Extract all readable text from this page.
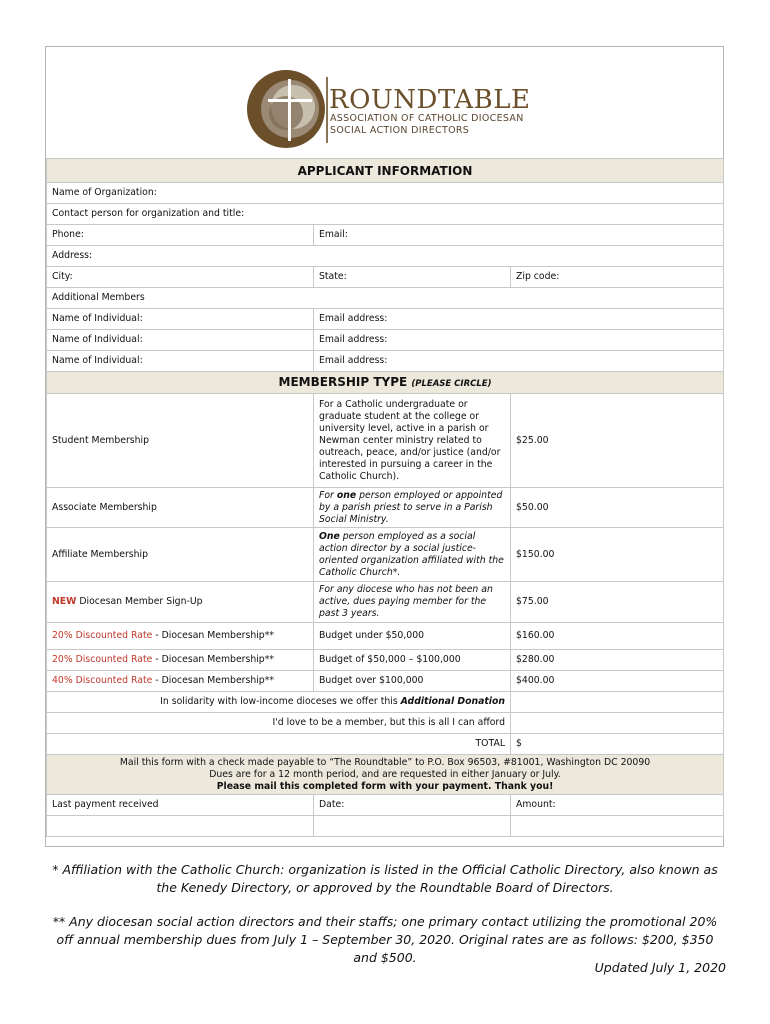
ROUNDTABLE
ASSOCIATION OF CATHOLIC DIOCESAN
SOCIAL ACTION DIRECTORS
APPLICANT INFORMATION		
Name of Organization:		
Contact person for organization and title:		
Phone:	Email:	
Address:		
City:	State:	Zip code:
Additional Members		
Name of Individual:	Email address:	
Name of Individual:	Email address:	
Name of Individual:	Email address:	
MEMBERSHIP TYPE (PLEASE CIRCLE)		
Student Membership	For a Catholic undergraduate or graduate student at the college or university level, active in a parish or Newman center ministry related to outreach, peace, and/or justice (and/or interested in pursuing a career in the Catholic Church).	$25.00
Associate Membership	For one person employed or appointed by a parish priest to serve in a Parish Social Ministry.	$50.00
Affiliate Membership	One person employed as a social action director by a social justice-oriented organization affiliated with the Catholic Church*.	$150.00
NEW Diocesan Member Sign-Up	For any diocese who has not been an active, dues paying member for the past 3 years.	$75.00
20% Discounted Rate - Diocesan Membership**	Budget under $50,000	$160.00
20% Discounted Rate - Diocesan Membership**	Budget of $50,000 – $100,000	$280.00
40% Discounted Rate - Diocesan Membership**	Budget over $100,000	$400.00
In solidarity with low-income dioceses we offer this Additional Donation		
I'd love to be a member, but this is all I can afford		
TOTAL		$

Mail this form with a check made payable to “The Roundtable” to P.O. Box 96503, #81001, Washington DC 20090
Dues are for a 12 month period, and are requested in either January or July.
Please mail this completed form with your payment. Thank you!		

Last payment received	Date:	Amount:

* Affiliation with the Catholic Church: organization is listed in the Official Catholic Directory, also known as the Kenedy Directory, or approved by the Roundtable Board of Directors.
** Any diocesan social action directors and their staffs; one primary contact utilizing the promotional 20% off annual membership dues from July 1 – September 30, 2020. Original rates are as follows: $200, $350 and $500.
Updated July 1, 2020
